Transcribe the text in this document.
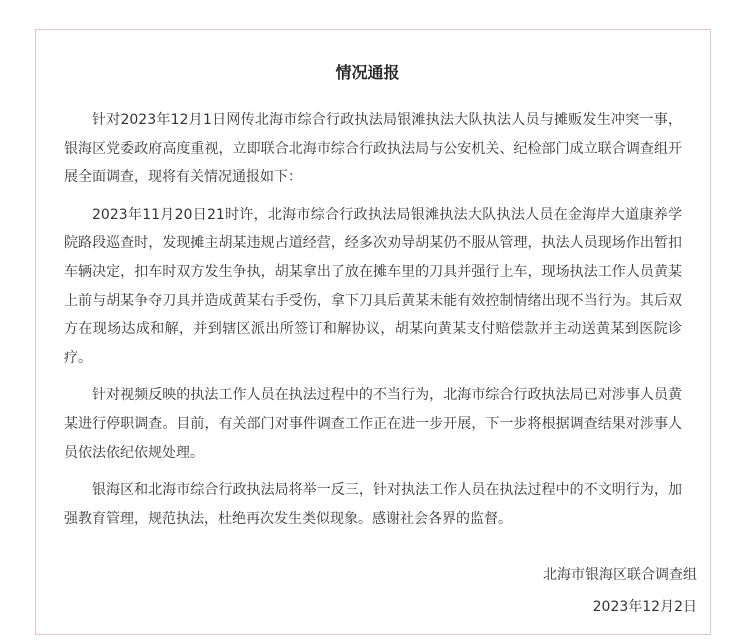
情况通报

针对2023年12月1日网传北海市综合行政执法局银滩执法大队执法人员与摊贩发生冲突一事，银海区党委政府高度重视，立即联合北海市综合行政执法局与公安机关、纪检部门成立联合调查组开展全面调查，现将有关情况通报如下：

2023年11月20日21时许，北海市综合行政执法局银滩执法大队执法人员在金海岸大道康养学院路段巡查时，发现摊主胡某违规占道经营，经多次劝导胡某仍不服从管理，执法人员现场作出暂扣车辆决定，扣车时双方发生争执，胡某拿出了放在摊车里的刀具并强行上车，现场执法工作人员黄某上前与胡某争夺刀具并造成黄某右手受伤，拿下刀具后黄某未能有效控制情绪出现不当行为。其后双方在现场达成和解，并到辖区派出所签订和解协议，胡某向黄某支付赔偿款并主动送黄某到医院诊疗。

针对视频反映的执法工作人员在执法过程中的不当行为，北海市综合行政执法局已对涉事人员黄某进行停职调查。目前，有关部门对事件调查工作正在进一步开展，下一步将根据调查结果对涉事人员依法依纪依规处理。

银海区和北海市综合行政执法局将举一反三，针对执法工作人员在执法过程中的不文明行为，加强教育管理，规范执法，杜绝再次发生类似现象。感谢社会各界的监督。

北海市银海区联合调查组

2023年12月2日
